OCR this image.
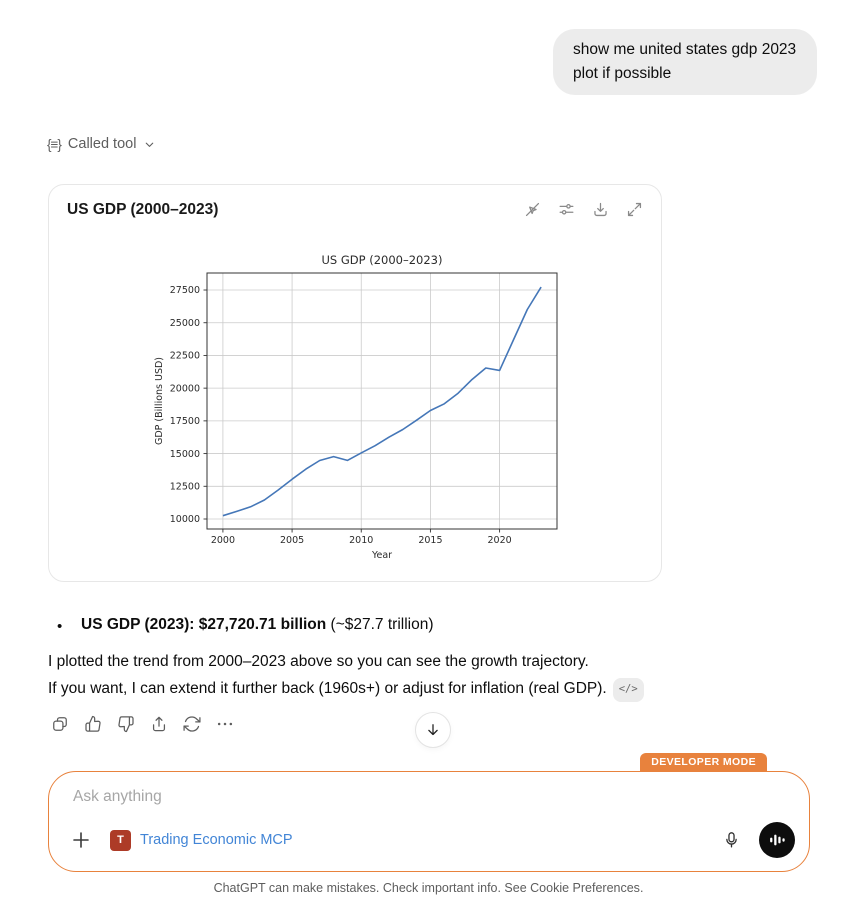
show me united states gdp 2023 plot if possible
{≡} Called tool
US GDP (2000–2023)
10000
12500
15000
17500
20000
22500
25000
27500
2000	2005	2010	2015	2020
US GDP (2000–2023)
Year
GDP (Billions USD)
•	US GDP (2023): $27,720.71 billion (~$27.7 trillion)

I plotted the trend from 2000–2023 above so you can see the growth trajectory.

If you want, I can extend it further back (1960s+) or adjust for inflation (real GDP). </>

DEVELOPER MODE
Ask anything
T	Trading Economic MCP
ChatGPT can make mistakes. Check important info. See Cookie Preferences.
